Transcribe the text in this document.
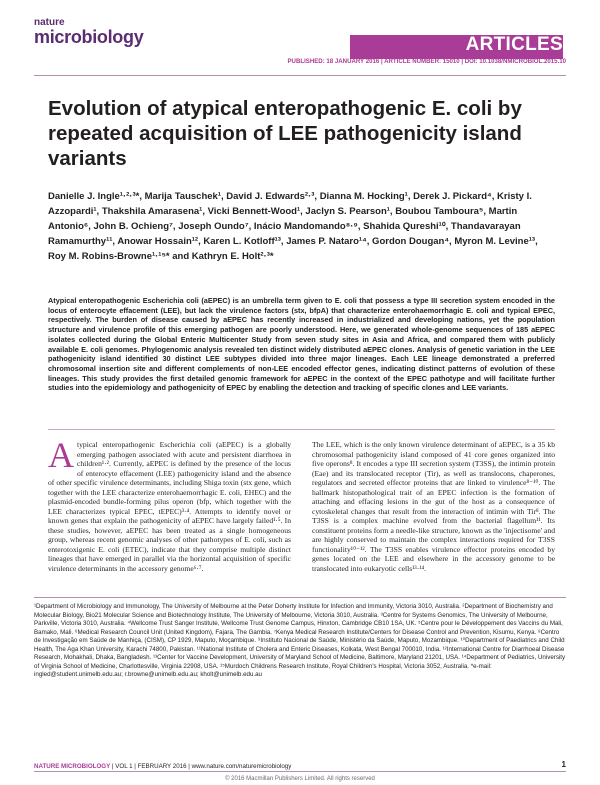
nature
microbiology	ARTICLES
PUBLISHED: 18 JANUARY 2016 | ARTICLE NUMBER: 15010 | DOI: 10.1038/NMICROBIOL.2015.10
Evolution of atypical enteropathogenic E. coli by repeated acquisition of LEE pathogenicity island variants
Danielle J. Ingle¹·²·³*, Marija Tauschek¹, David J. Edwards²·³, Dianna M. Hocking¹, Derek J. Pickard⁴, Kristy I. Azzopardi¹, Thakshila Amarasena¹, Vicki Bennett-Wood¹, Jaclyn S. Pearson¹, Boubou Tamboura⁵, Martin Antonio⁶, John B. Ochieng⁷, Joseph Oundo⁷, Inácio Mandomando⁸·⁹, Shahida Qureshi¹⁰, Thandavarayan Ramamurthy¹¹, Anowar Hossain¹², Karen L. Kotloff¹³, James P. Nataro¹⁴, Gordon Dougan⁴, Myron M. Levine¹³, Roy M. Robins-Browne¹·¹⁵* and Kathryn E. Holt²·³*
Atypical enteropathogenic Escherichia coli (aEPEC) is an umbrella term given to E. coli that possess a type III secretion system encoded in the locus of enterocyte effacement (LEE), but lack the virulence factors (stx, bfpA) that characterize enterohaemorrhagic E. coli and typical EPEC, respectively. The burden of disease caused by aEPEC has recently increased in industrialized and developing nations, yet the population structure and virulence profile of this emerging pathogen are poorly understood. Here, we generated whole-genome sequences of 185 aEPEC isolates collected during the Global Enteric Multicenter Study from seven study sites in Asia and Africa, and compared them with publicly available E. coli genomes. Phylogenomic analysis revealed ten distinct widely distributed aEPEC clones. Analysis of genetic variation in the LEE pathogenicity island identified 30 distinct LEE subtypes divided into three major lineages. Each LEE lineage demonstrated a preferred chromosomal insertion site and different complements of non-LEE encoded effector genes, indicating distinct patterns of evolution of these lineages. This study provides the first detailed genomic framework for aEPEC in the context of the EPEC pathotype and will facilitate further studies into the epidemiology and pathogenicity of EPEC by enabling the detection and tracking of specific clones and LEE variants.
Atypical enteropathogenic Escherichia coli (aEPEC) is a globally emerging pathogen associated with acute and persistent diarrhoea in children¹·². Currently, aEPEC is defined by the presence of the locus of enterocyte effacement (LEE) pathogenicity island and the absence of other specific virulence determinants, including Shiga toxin (stx gene, which together with the LEE characterize enterohaemorrhagic E. coli, EHEC) and the plasmid-encoded bundle-forming pilus operon (bfp, which together with the LEE characterizes typical EPEC, tEPEC)³·⁴. Attempts to identify novel or known genes that explain the pathogenicity of aEPEC have largely failed¹·⁵. In these studies, however, aEPEC has been treated as a single homogeneous group, whereas recent genomic analyses of other pathotypes of E. coli, such as enterotoxigenic E. coli (ETEC), indicate that they comprise multiple distinct lineages that have emerged in parallel via the horizontal acquisition of specific virulence determinants in the accessory genome⁶·⁷.
The LEE, which is the only known virulence determinant of aEPEC, is a 35 kb chromosomal pathogenicity island composed of 41 core genes organized into five operons⁸. It encodes a type III secretion system (T3SS), the intimin protein (Eae) and its translocated receptor (Tir), as well as translocons, chaperones, regulators and secreted effector proteins that are linked to virulence⁸⁻¹⁰. The hallmark histopathological trait of an EPEC infection is the formation of attaching and effacing lesions in the gut of the host as a consequence of cytoskeletal changes that result from the interaction of intimin with Tir⁸. The T3SS is a complex machine evolved from the bacterial flagellum¹¹. Its constituent proteins form a needle-like structure, known as the 'injectisome' and are highly conserved to maintain the complex interactions required for T3SS functionality¹⁰⁻¹². The T3SS enables virulence effector proteins encoded by genes located on the LEE and elsewhere in the accessory genome to be translocated into eukaryotic cells¹³·¹⁴.
¹Department of Microbiology and Immunology, The University of Melbourne at the Peter Doherty Institute for Infection and Immunity, Victoria 3010, Australia. ²Department of Biochemistry and Molecular Biology, Bio21 Molecular Science and Biotechnology Institute, The University of Melbourne, Victoria 3010, Australia. ³Centre for Systems Genomics, The University of Melbourne, Parkville, Victoria 3010, Australia. ⁴Wellcome Trust Sanger Institute, Wellcome Trust Genome Campus, Hinxton, Cambridge CB10 1SA, UK. ⁵Centre pour le Développement des Vaccins du Mali, Bamako, Mali. ⁶Medical Research Council Unit (United Kingdom), Fajara, The Gambia. ⁷Kenya Medical Research Institute/Centers for Disease Control and Prevention, Kisumu, Kenya. ⁸Centro de Investigação em Saúde de Manhiça, (CISM), CP 1929, Maputo, Moçambique. ⁹Instituto Nacional de Saúde, Ministério da Saúde, Maputo, Mozambique. ¹⁰Department of Paediatrics and Child Health, The Aga Khan University, Karachi 74800, Pakistan. ¹¹National Institute of Cholera and Enteric Diseases, Kolkata, West Bengal 700010, India. ¹²International Centre for Diarrhoeal Disease Research, Mohakhali, Dhaka, Bangladesh. ¹³Center for Vaccine Development, University of Maryland School of Medicine, Baltimore, Maryland 21201, USA. ¹⁴Department of Pediatrics, University of Virginia School of Medicine, Charlottesville, Virginia 22908, USA. ¹⁵Murdoch Childrens Research Institute, Royal Children's Hospital, Victoria 3052, Australia. *e-mail: ingled@student.unimelb.edu.au; r.browne@unimelb.edu.au; kholt@unimelb.edu.au
NATURE MICROBIOLOGY | VOL 1 | FEBRUARY 2016 | www.nature.com/naturemicrobiology	1
© 2016 Macmillan Publishers Limited. All rights reserved
